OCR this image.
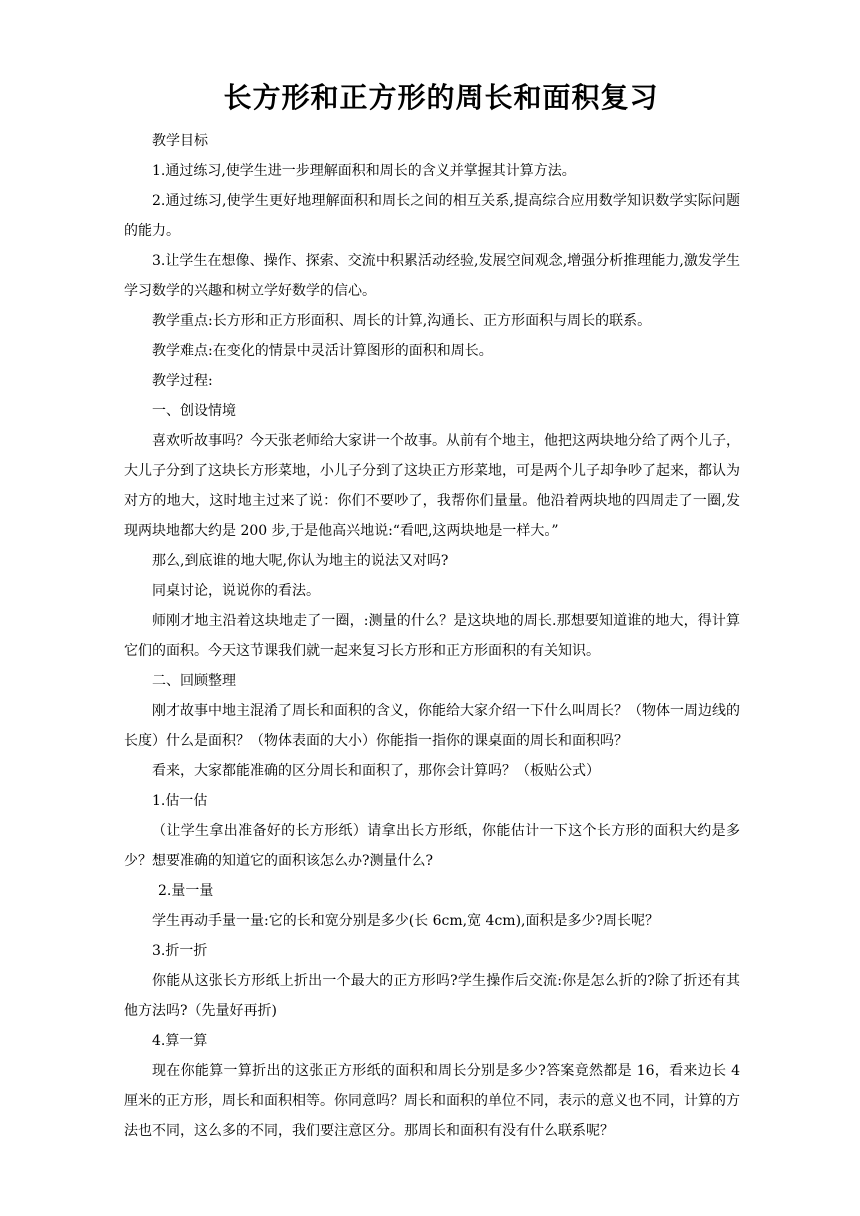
长方形和正方形的周长和面积复习

教学目标

1.通过练习,使学生进一步理解面积和周长的含义并掌握其计算方法。

2.通过练习,使学生更好地理解面积和周长之间的相互关系,提高综合应用数学知识数学实际问题的能力。

3.让学生在想像、操作、探索、交流中积累活动经验,发展空间观念,增强分析推理能力,激发学生学习数学的兴趣和树立学好数学的信心。

教学重点:长方形和正方形面积、周长的计算,沟通长、正方形面积与周长的联系。

教学难点:在变化的情景中灵活计算图形的面积和周长。

教学过程:

一、创设情境

喜欢听故事吗？今天张老师给大家讲一个故事。从前有个地主，他把这两块地分给了两个儿子，大儿子分到了这块长方形菜地，小儿子分到了这块正方形菜地，可是两个儿子却争吵了起来，都认为对方的地大，这时地主过来了说：你们不要吵了，我帮你们量量。他沿着两块地的四周走了一圈,发现两块地都大约是 200 步,于是他高兴地说:“看吧,这两块地是一样大。”

那么,到底谁的地大呢,你认为地主的说法又对吗?

同桌讨论，说说你的看法。

师刚才地主沿着这块地走了一圈，:测量的什么？是这块地的周长.那想要知道谁的地大，得计算它们的面积。今天这节课我们就一起来复习长方形和正方形面积的有关知识。

二、回顾整理

刚才故事中地主混淆了周长和面积的含义，你能给大家介绍一下什么叫周长？（物体一周边线的长度）什么是面积？（物体表面的大小）你能指一指你的课桌面的周长和面积吗？

看来，大家都能准确的区分周长和面积了，那你会计算吗？（板贴公式）

1.估一估

（让学生拿出准备好的长方形纸）请拿出长方形纸，你能估计一下这个长方形的面积大约是多少？想要准确的知道它的面积该怎么办?测量什么?

2.量一量

学生再动手量一量:它的长和宽分别是多少(长 6cm,宽 4cm),面积是多少?周长呢？

3.折一折

你能从这张长方形纸上折出一个最大的正方形吗?学生操作后交流:你是怎么折的?除了折还有其他方法吗?（先量好再折)

4.算一算

现在你能算一算折出的这张正方形纸的面积和周长分别是多少?答案竟然都是 16，看来边长 4 厘米的正方形，周长和面积相等。你同意吗？周长和面积的单位不同，表示的意义也不同，计算的方法也不同，这么多的不同，我们要注意区分。那周长和面积有没有什么联系呢？
